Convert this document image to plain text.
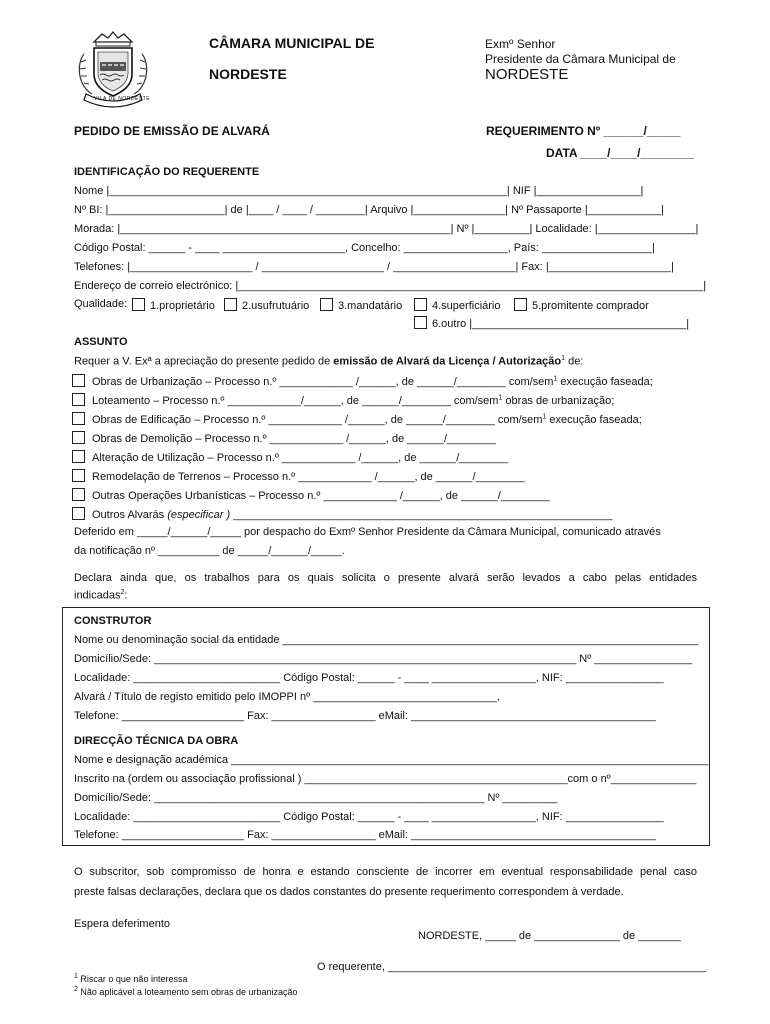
VILA DE NORDESTE
CÂMARA MUNICIPAL DE
NORDESTE
Exmº Senhor
Presidente da Câmara Municipal de
NORDESTE
PEDIDO DE EMISSÃO DE ALVARÁ	REQUERIMENTO Nº ______/_____
DATA ____/____/________
IDENTIFICAÇÃO DO REQUERENTE
Nome |_________________________________________________________________| NIF |_________________|
Nº BI: |___________________| de |____ / ____ / ________| Arquivo |_______________| Nº Passaporte |____________|
Morada: |______________________________________________________| Nº |_________| Localidade: |________________|
Código Postal: ______ - ____ ____________________, Concelho: _________________, País: __________________|
Telefones: |____________________ / ____________________ / ____________________| Fax: |____________________|
Endereço de correio electrónico: |____________________________________________________________________________|
Qualidade:	1.proprietário	2.usufrutuário	3.mandatário	4.superficiário	5.promitente comprador
6.outro |___________________________________|
ASSUNTO
Requer a V. Exª a apreciação do presente pedido de emissão de Alvará da Licença / Autorização$^1$ de:
Obras de Urbanização – Processo n.º ____________ /______, de ______/________ com/sem$^1$ execução faseada;
Loteamento – Processo n.º ____________/______, de ______/________ com/sem$^1$ obras de urbanização;
Obras de Edificação – Processo n.º ____________ /______, de ______/________ com/sem$^1$ execução faseada;
Obras de Demolição – Processo n.º ____________ /______, de ______/________
Alteração de Utilização – Processo n.º ____________ /______, de ______/________
Remodelação de Terrenos – Processo n.º ____________ /______, de ______/________
Outras Operações Urbanísticas – Processo n.º ____________ /______, de ______/________
Outros Alvarás (especificar ) ______________________________________________________________
Deferido em _____/______/_____ por despacho do Exmº Senhor Presidente da Câmara Municipal, comunicado através
da notificação nº __________ de _____/______/_____.
Declara ainda que, os trabalhos para os quais solicita o presente alvará serão levados a cabo pelas entidades
indicadas$^2$:
CONSTRUTOR
Nome ou denominação social da entidade ____________________________________________________________________
Domicílio/Sede: _____________________________________________________________________ Nº ________________
Localidade: ________________________ Código Postal: ______ - ____ _________________, NIF: ________________
Alvará / Título de registo emitido pelo IMOPPI nº ______________________________,
Telefone: ____________________ Fax: _________________ eMail: ________________________________________
DIRECÇÃO TÉCNICA DA OBRA
Nome e designação académica ______________________________________________________________________________
Inscrito na (ordem ou associação profissional ) ___________________________________________com o nº______________
Domicílio/Sede: ______________________________________________________ Nº _________
Localidade: ________________________ Código Postal: ______ - ____ _________________, NIF: ________________
Telefone: ____________________ Fax: _________________ eMail: ________________________________________
O subscritor, sob compromisso de honra e estando consciente de incorrer em eventual responsabilidade penal caso
preste falsas declarações, declara que os dados constantes do presente requerimento correspondem à verdade.
Espera deferimento
NORDESTE, _____ de ______________ de _______
O requerente, ____________________________________________________
$^1$ Riscar o que não interessa
$^2$ Não aplicável a loteamento sem obras de urbanização
